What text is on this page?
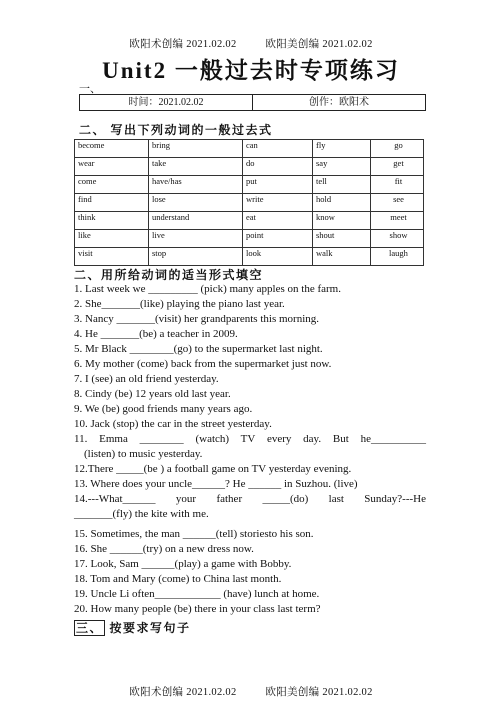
欧阳术创编 2021.02.02	欧阳美创编 2021.02.02
Unit2 一般过去时专项练习
一、
时间：2021.02.02	创作：欧阳术
二、 写出下列动词的一般过去式
become	bring	can	fly	go
wear	take	do	say	get
come	have/has	put	tell	fit
find	lose	write	hold	see
think	understand	eat	know	meet
like	live	point	shout	show
visit	stop	look	walk	laugh
二、用所给动词的适当形式填空
1. Last week we _________ (pick) many apples on the farm.
2. She_______(like) playing the piano last year.
3. Nancy _______(visit) her grandparents this morning.
4. He _______(be) a teacher in 2009.
5. Mr Black ________(go) to the supermarket last night.
6. My mother (come) back from the supermarket just now.
7. I (see) an old friend yesterday.
8. Cindy (be) 12 years old last year.
9. We (be) good friends many years ago.
10. Jack (stop) the car in the street yesterday.
11. Emma ________ (watch) TV every day. But he__________
(listen) to music yesterday.
12.There _____(be ) a football game on TV yesterday evening.
13. Where does your uncle______? He ______ in Suzhou. (live)
14.---What______ your father _____(do) last Sunday?---He
_______(fly) the kite with me.
15. Sometimes, the man ______(tell) storiesto his son.
16. She ______(try) on a new dress now.
17. Look, Sam ______(play) a game with Bobby.
18. Tom and Mary (come) to China last month.
19. Uncle Li often____________ (have) lunch at home.
20. How many people (be) there in your class last term?
三、 按要求写句子
欧阳术创编 2021.02.02	欧阳美创编 2021.02.02
